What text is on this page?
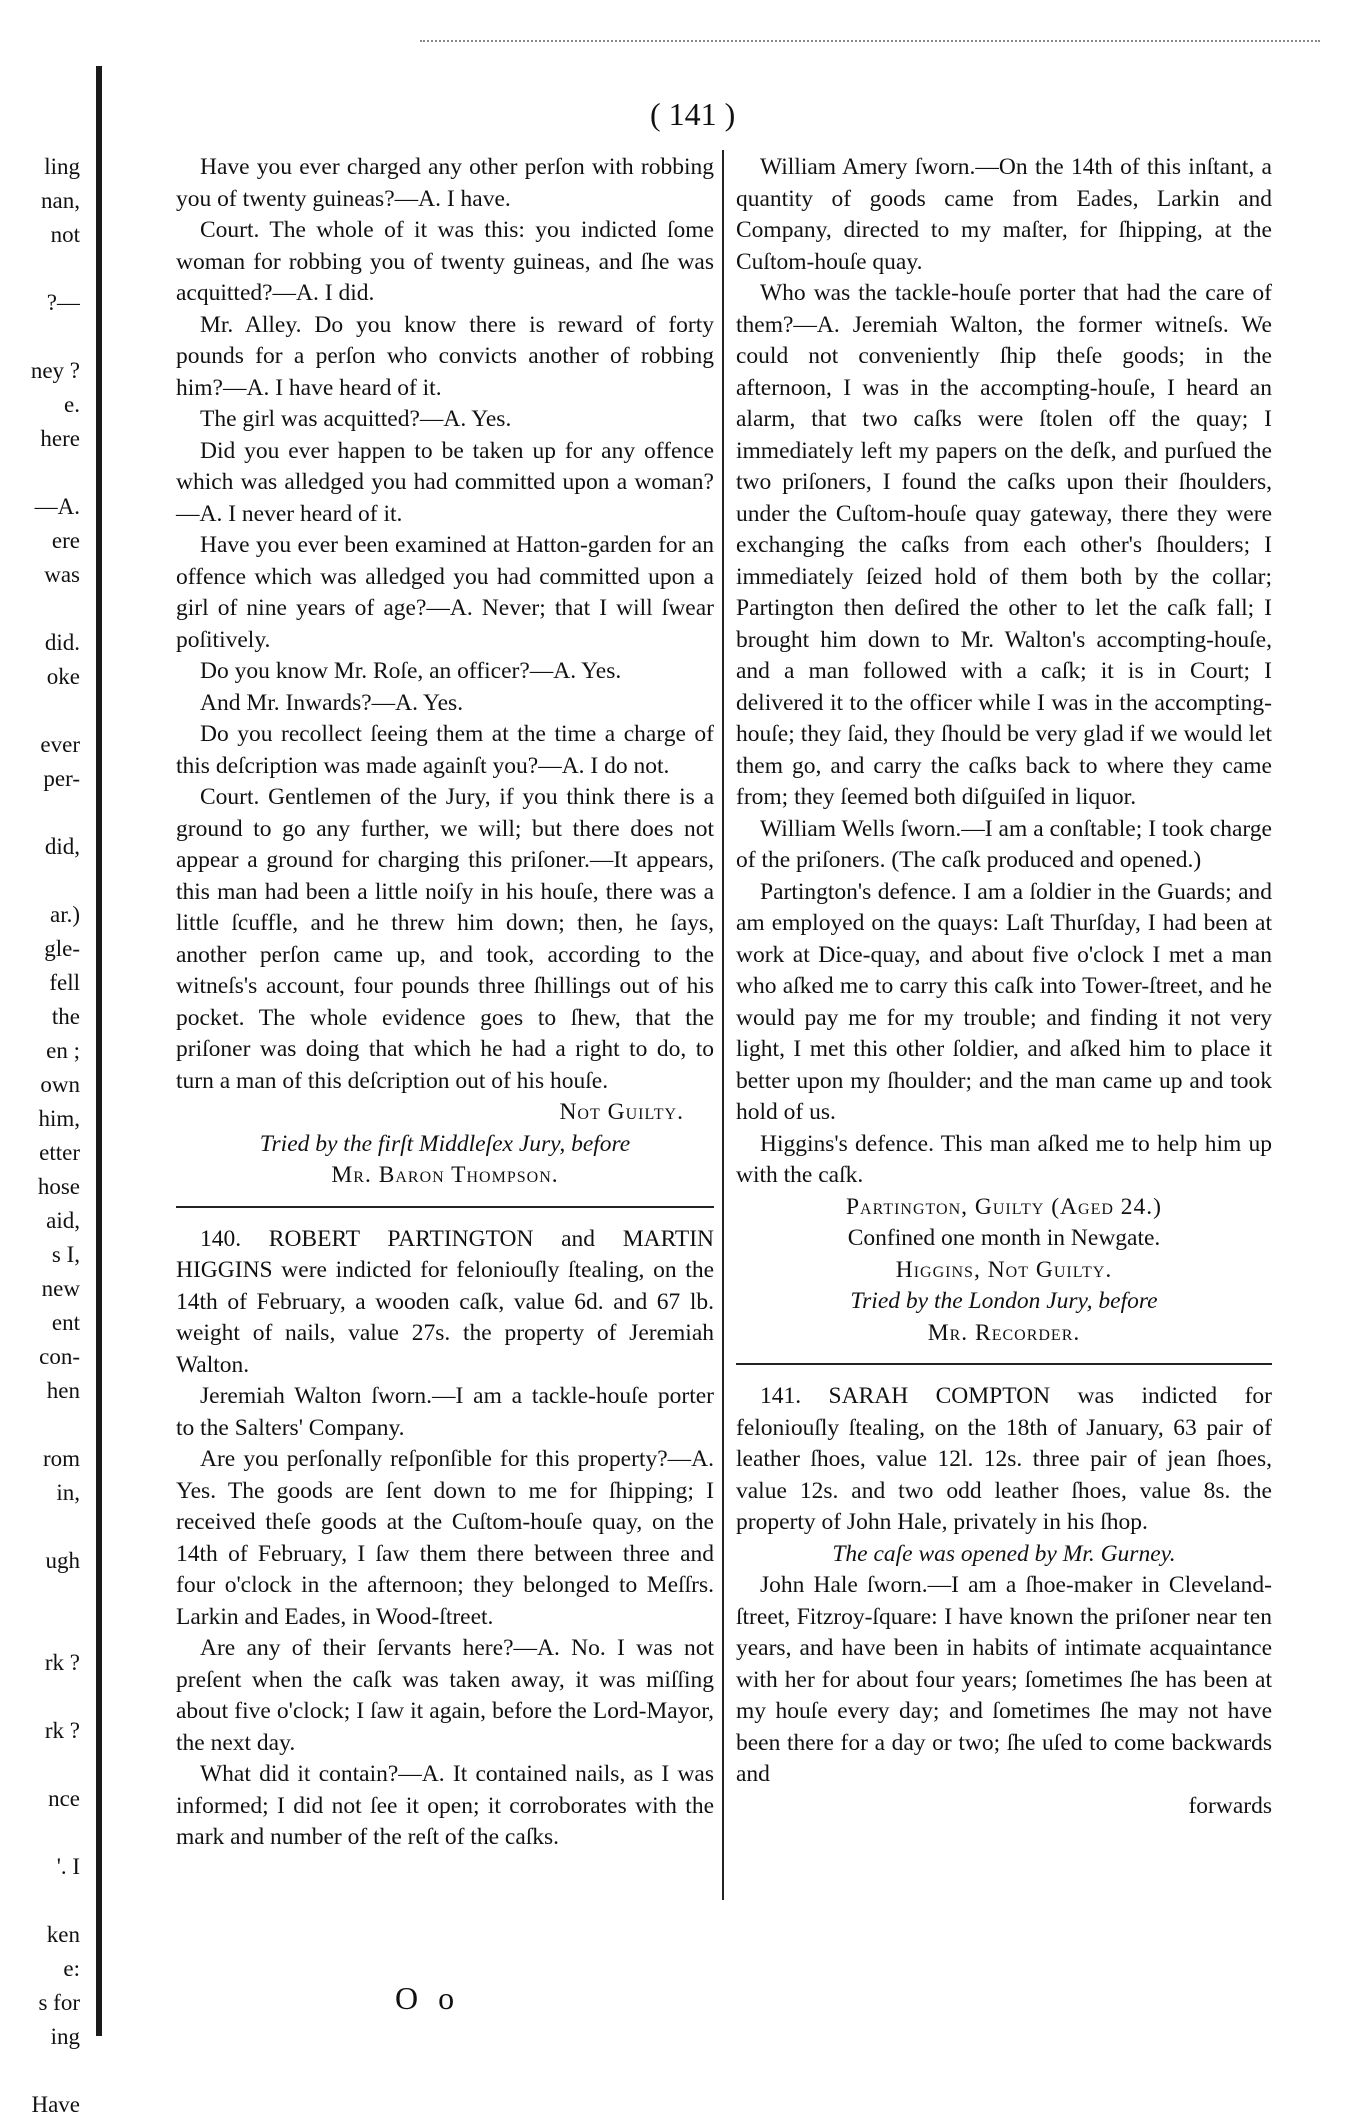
( 141 )
ling
nan,
not
?—
ney ?
e.
here
—A.
ere
was
did.
oke
ever
per-
did,
ar.)
gle-
fell
the
en ;
own
him,
etter
hose
aid,
s I,
new
ent
con-
hen
rom
in,
ugh
rk ?
rk ?
nce
'. I
ken
e:
s for
ing
Have

Have you ever charged any other perſon with robbing you of twenty guineas?—A. I have.

Court. The whole of it was this: you indicted ſome woman for robbing you of twenty guineas, and ſhe was acquitted?—A. I did.

Mr. Alley. Do you know there is reward of forty pounds for a perſon who convicts another of robbing him?—A. I have heard of it.

The girl was acquitted?—A. Yes.

Did you ever happen to be taken up for any offence which was alledged you had committed upon a woman?—A. I never heard of it.

Have you ever been examined at Hatton-garden for an offence which was alledged you had committed upon a girl of nine years of age?—A. Never; that I will ſwear poſitively.

Do you know Mr. Roſe, an officer?—A. Yes.

And Mr. Inwards?—A. Yes.

Do you recollect ſeeing them at the time a charge of this deſcription was made againſt you?—A. I do not.

Court. Gentlemen of the Jury, if you think there is a ground to go any further, we will; but there does not appear a ground for charging this priſoner.—It appears, this man had been a little noiſy in his houſe, there was a little ſcuffle, and he threw him down; then, he ſays, another perſon came up, and took, according to the witneſs's account, four pounds three ſhillings out of his pocket. The whole evidence goes to ſhew, that the priſoner was doing that which he had a right to do, to turn a man of this deſcription out of his houſe.

Not Guilty.

Tried by the firſt Middleſex Jury, before

Mr. Baron Thompson.

140. ROBERT PARTINGTON and MARTIN HIGGINS were indicted for feloniouſly ſtealing, on the 14th of February, a wooden caſk, value 6d. and 67 lb. weight of nails, value 27s. the property of Jeremiah Walton.

Jeremiah Walton ſworn.—I am a tackle-houſe porter to the Salters' Company.

Are you perſonally reſponſible for this property?—A. Yes. The goods are ſent down to me for ſhipping; I received theſe goods at the Cuſtom-houſe quay, on the 14th of February, I ſaw them there between three and four o'clock in the afternoon; they belonged to Meſſrs. Larkin and Eades, in Wood-ſtreet.

Are any of their ſervants here?—A. No. I was not preſent when the caſk was taken away, it was miſſing about five o'clock; I ſaw it again, before the Lord-Mayor, the next day.

What did it contain?—A. It contained nails, as I was informed; I did not ſee it open; it corroborates with the mark and number of the reſt of the caſks.

William Amery ſworn.—On the 14th of this inſtant, a quantity of goods came from Eades, Larkin and Company, directed to my maſter, for ſhipping, at the Cuſtom-houſe quay.

Who was the tackle-houſe porter that had the care of them?—A. Jeremiah Walton, the former witneſs. We could not conveniently ſhip theſe goods; in the afternoon, I was in the accompting-houſe, I heard an alarm, that two caſks were ſtolen off the quay; I immediately left my papers on the deſk, and purſued the two priſoners, I found the caſks upon their ſhoulders, under the Cuſtom-houſe quay gateway, there they were exchanging the caſks from each other's ſhoulders; I immediately ſeized hold of them both by the collar; Partington then deſired the other to let the caſk fall; I brought him down to Mr. Walton's accompting-houſe, and a man followed with a caſk; it is in Court; I delivered it to the officer while I was in the accompting-houſe; they ſaid, they ſhould be very glad if we would let them go, and carry the caſks back to where they came from; they ſeemed both diſguiſed in liquor.

William Wells ſworn.—I am a conſtable; I took charge of the priſoners. (The caſk produced and opened.)

Partington's defence. I am a ſoldier in the Guards; and am employed on the quays: Laſt Thurſday, I had been at work at Dice-quay, and about five o'clock I met a man who aſked me to carry this caſk into Tower-ſtreet, and he would pay me for my trouble; and finding it not very light, I met this other ſoldier, and aſked him to place it better upon my ſhoulder; and the man came up and took hold of us.

Higgins's defence. This man aſked me to help him up with the caſk.

Partington, Guilty (Aged 24.)

Confined one month in Newgate.

Higgins, Not Guilty.

Tried by the London Jury, before

Mr. Recorder.

141. SARAH COMPTON was indicted for feloniouſly ſtealing, on the 18th of January, 63 pair of leather ſhoes, value 12l. 12s. three pair of jean ſhoes, value 12s. and two odd leather ſhoes, value 8s. the property of John Hale, privately in his ſhop.

The caſe was opened by Mr. Gurney.

John Hale ſworn.—I am a ſhoe-maker in Cleveland-ſtreet, Fitzroy-ſquare: I have known the priſoner near ten years, and have been in habits of intimate acquaintance with her for about four years; ſometimes ſhe has been at my houſe every day; and ſometimes ſhe may not have been there for a day or two; ſhe uſed to come backwards and

forwards

O o
